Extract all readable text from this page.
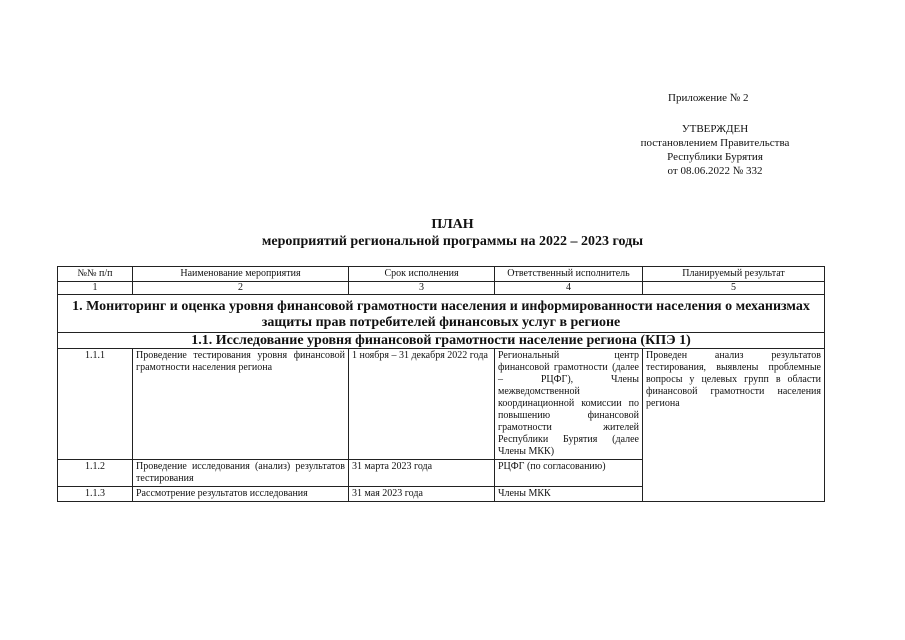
Приложение № 2
УТВЕРЖДЕН
постановлением Правительства
Республики Бурятия
от 08.06.2022 № 332
ПЛАН
мероприятий региональной программы на 2022 – 2023 годы
№№ п/п	Наименование мероприятия	Срок исполнения	Ответственный исполнитель	Планируемый результат
1	2	3	4	5
1. Мониторинг и оценка уровня финансовой грамотности населения и информированности населения о механизмах защиты прав потребителей финансовых услуг в регионе				
1.1. Исследование уровня финансовой грамотности население региона (КПЭ 1)				
1.1.1	Проведение тестирования уровня финансовой грамотности населения региона	1 ноября – 31 декабря 2022 года	Региональный центр финансовой грамотности (далее – РЦФГ), Члены межведомственной координационной комиссии по повышению финансовой грамотности жителей Республики Бурятия (далее Члены МКК)	Проведен анализ результатов тестирования, выявлены проблемные вопросы у целевых групп в области финансовой грамотности населения региона
1.1.2	Проведение исследования (анализ) результатов тестирования	31 марта 2023 года	РЦФГ (по согласованию)	
1.1.3	Рассмотрение результатов исследования	31 мая 2023 года	Члены МКК	
